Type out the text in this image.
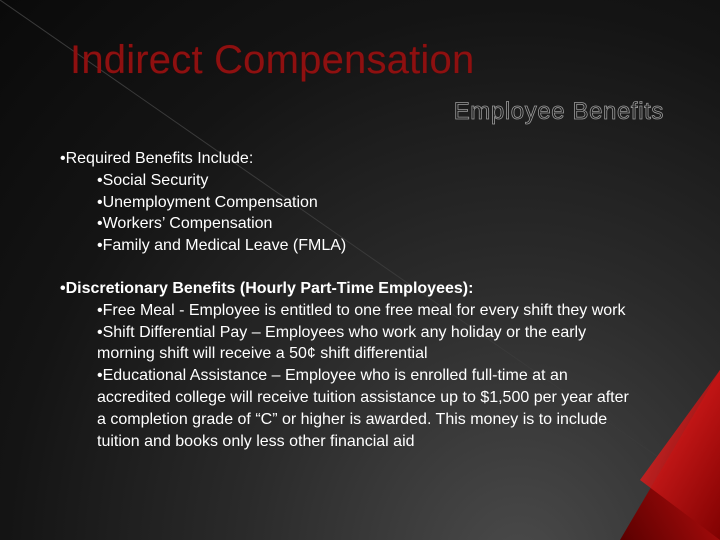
Indirect Compensation
Employee Benefits

•Required Benefits Include:

•Social Security

•Unemployment Compensation

•Workers’ Compensation

•Family and Medical Leave (FMLA)

•Discretionary Benefits (Hourly Part-Time Employees):

•Free Meal - Employee is entitled to one free meal for every shift they work

•Shift Differential Pay – Employees who work any holiday or the early morning shift will receive a 50¢ shift differential

•Educational Assistance – Employee who is enrolled full-time at an accredited college will receive tuition assistance up to $1,500 per year after a completion grade of “C” or higher is awarded. This money is to include tuition and books only less other financial aid
